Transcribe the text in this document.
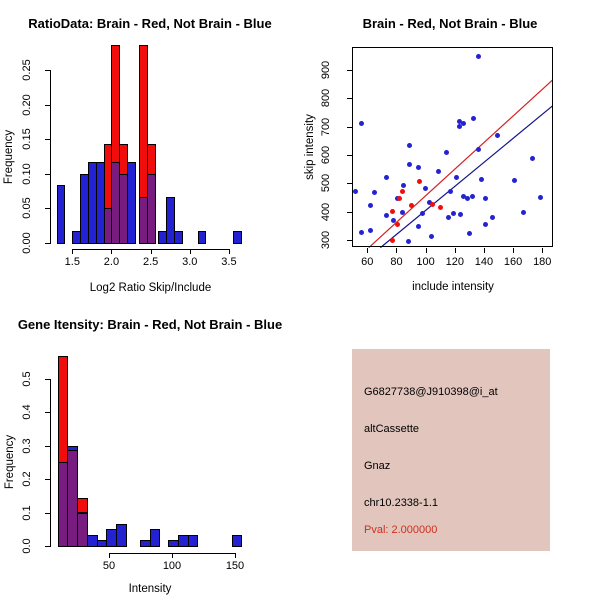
RatioData: Brain - Red, Not Brain - Blue
Log2 Ratio Skip/Include
Frequency
Brain - Red, Not Brain - Blue
include intensity
skip intensity
Gene Itensity: Brain - Red, Not Brain - Blue
Intensity
Frequency
G6827738@J910398@i_at
altCassette
Gnaz
chr10.2338-1.1
Pval: 2.000000
0.00
0.05
0.10
0.15
0.20
0.25
1.5	2.0	2.5	3.0	3.5	60	80	100 120 140 160 180
300
400
500
600
700
800
900
0.0
0.1
0.2
0.3
0.4
0.5
50	100	150
